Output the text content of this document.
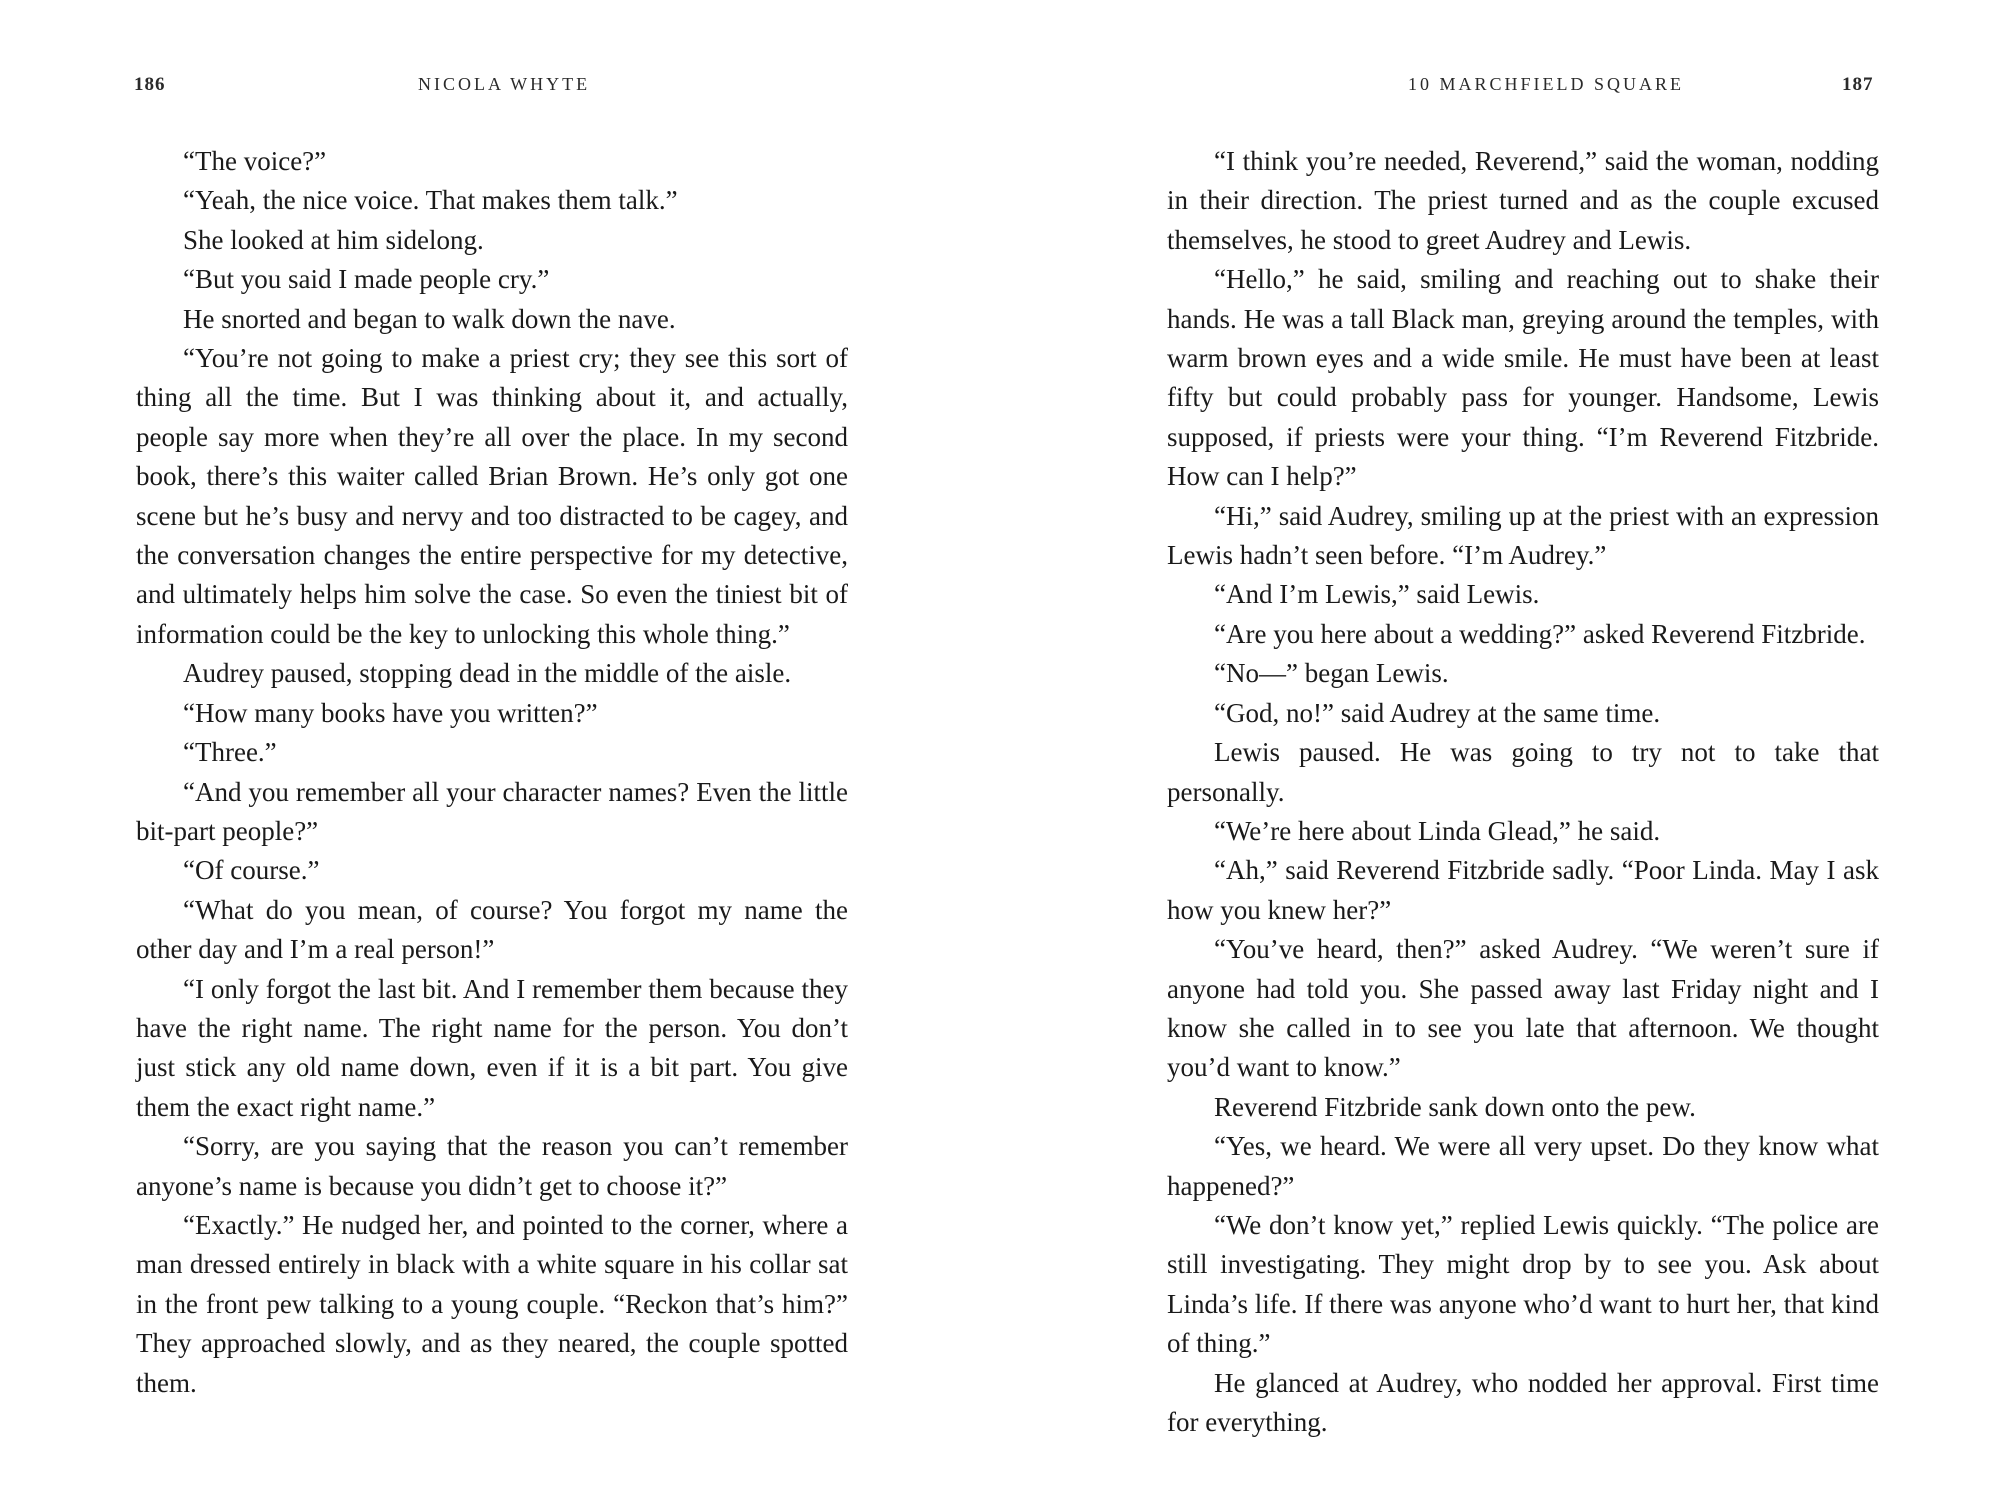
186	NICOLA WHYTE

“The voice?”

“Yeah, the nice voice. That makes them talk.”

She looked at him sidelong.

“But you said I made people cry.”

He snorted and began to walk down the nave.

“You’re not going to make a priest cry; they see this sort of thing all the time. But I was thinking about it, and actually, people say more when they’re all over the place. In my second book, there’s this waiter called Brian Brown. He’s only got one scene but he’s busy and nervy and too distracted to be cagey, and the conversation changes the entire perspective for my detective, and ultimately helps him solve the case. So even the tiniest bit of information could be the key to unlocking this whole thing.”

Audrey paused, stopping dead in the middle of the aisle.

“How many books have you written?”

“Three.”

“And you remember all your character names? Even the little bit-part people?”

“Of course.”

“What do you mean, of course? You forgot my name the other day and I’m a real person!”

“I only forgot the last bit. And I remember them because they have the right name. The right name for the person. You don’t just stick any old name down, even if it is a bit part. You give them the exact right name.”

“Sorry, are you saying that the reason you can’t remember anyone’s name is because you didn’t get to choose it?”

“Exactly.” He nudged her, and pointed to the corner, where a man dressed entirely in black with a white square in his collar sat in the front pew talking to a young couple. “Reckon that’s him?” They approached slowly, and as they neared, the couple spotted them.

10 MARCHFIELD SQUARE	187

“I think you’re needed, Reverend,” said the woman, nodding in their direction. The priest turned and as the couple excused themselves, he stood to greet Audrey and Lewis.

“Hello,” he said, smiling and reaching out to shake their hands. He was a tall Black man, greying around the temples, with warm brown eyes and a wide smile. He must have been at least fifty but could probably pass for younger. Handsome, Lewis supposed, if priests were your thing. “I’m Reverend Fitzbride. How can I help?”

“Hi,” said Audrey, smiling up at the priest with an expression Lewis hadn’t seen before. “I’m Audrey.”

“And I’m Lewis,” said Lewis.

“Are you here about a wedding?” asked Reverend Fitzbride.

“No—” began Lewis.

“God, no!” said Audrey at the same time.

Lewis paused. He was going to try not to take that personally.

“We’re here about Linda Glead,” he said.

“Ah,” said Reverend Fitzbride sadly. “Poor Linda. May I ask how you knew her?”

“You’ve heard, then?” asked Audrey. “We weren’t sure if anyone had told you. She passed away last Friday night and I know she called in to see you late that afternoon. We thought you’d want to know.”

Reverend Fitzbride sank down onto the pew.

“Yes, we heard. We were all very upset. Do they know what happened?”

“We don’t know yet,” replied Lewis quickly. “The police are still investigating. They might drop by to see you. Ask about Linda’s life. If there was anyone who’d want to hurt her, that kind of thing.”

He glanced at Audrey, who nodded her approval. First time for everything.
